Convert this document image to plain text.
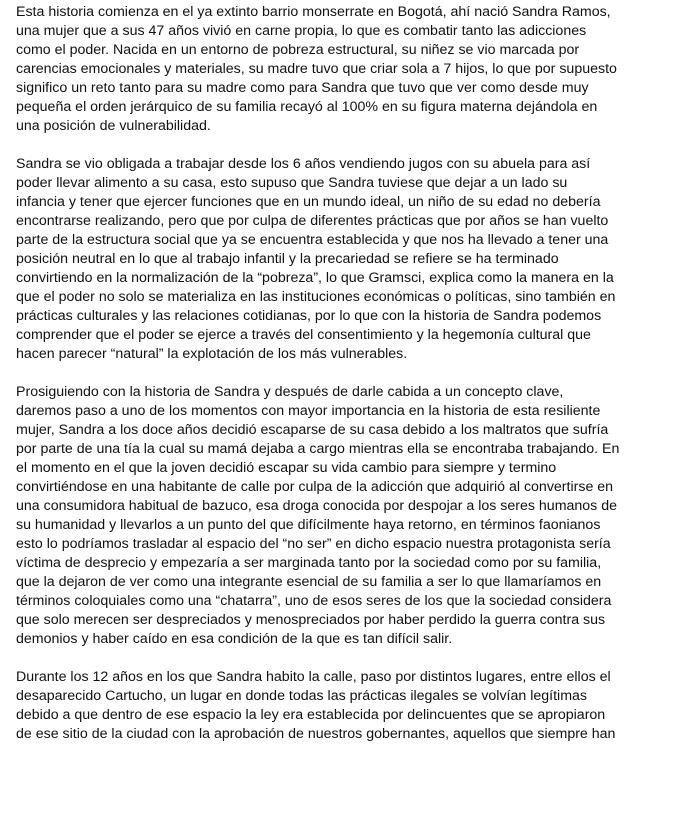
Esta historia comienza en el ya extinto barrio monserrate en Bogotá, ahí nació Sandra Ramos,
una mujer que a sus 47 años vivió en carne propia, lo que es combatir tanto las adicciones
como el poder. Nacida en un entorno de pobreza estructural, su niñez se vio marcada por
carencias emocionales y materiales, su madre tuvo que criar sola a 7 hijos, lo que por supuesto
significo un reto tanto para su madre como para Sandra que tuvo que ver como desde muy
pequeña el orden jerárquico de su familia recayó al 100% en su figura materna dejándola en
una posición de vulnerabilidad.

Sandra se vio obligada a trabajar desde los 6 años vendiendo jugos con su abuela para así
poder llevar alimento a su casa, esto supuso que Sandra tuviese que dejar a un lado su
infancia y tener que ejercer funciones que en un mundo ideal, un niño de su edad no debería
encontrarse realizando, pero que por culpa de diferentes prácticas que por años se han vuelto
parte de la estructura social que ya se encuentra establecida y que nos ha llevado a tener una
posición neutral en lo que al trabajo infantil y la precariedad se refiere se ha terminado
convirtiendo en la normalización de la “pobreza”, lo que Gramsci, explica como la manera en la
que el poder no solo se materializa en las instituciones económicas o políticas, sino también en
prácticas culturales y las relaciones cotidianas, por lo que con la historia de Sandra podemos
comprender que el poder se ejerce a través del consentimiento y la hegemonía cultural que
hacen parecer “natural” la explotación de los más vulnerables.

Prosiguiendo con la historia de Sandra y después de darle cabida a un concepto clave,
daremos paso a uno de los momentos con mayor importancia en la historia de esta resiliente
mujer, Sandra a los doce años decidió escaparse de su casa debido a los maltratos que sufría
por parte de una tía la cual su mamá dejaba a cargo mientras ella se encontraba trabajando. En
el momento en el que la joven decidió escapar su vida cambio para siempre y termino
convirtiéndose en una habitante de calle por culpa de la adicción que adquirió al convertirse en
una consumidora habitual de bazuco, esa droga conocida por despojar a los seres humanos de
su humanidad y llevarlos a un punto del que difícilmente haya retorno, en términos faonianos
esto lo podríamos trasladar al espacio del “no ser” en dicho espacio nuestra protagonista sería
víctima de desprecio y empezaría a ser marginada tanto por la sociedad como por su familia,
que la dejaron de ver como una integrante esencial de su familia a ser lo que llamaríamos en
términos coloquiales como una “chatarra”, uno de esos seres de los que la sociedad considera
que solo merecen ser despreciados y menospreciados por haber perdido la guerra contra sus
demonios y haber caído en esa condición de la que es tan difícil salir.

Durante los 12 años en los que Sandra habito la calle, paso por distintos lugares, entre ellos el
desaparecido Cartucho, un lugar en donde todas las prácticas ilegales se volvían legítimas
debido a que dentro de ese espacio la ley era establecida por delincuentes que se apropiaron
de ese sitio de la ciudad con la aprobación de nuestros gobernantes, aquellos que siempre han
